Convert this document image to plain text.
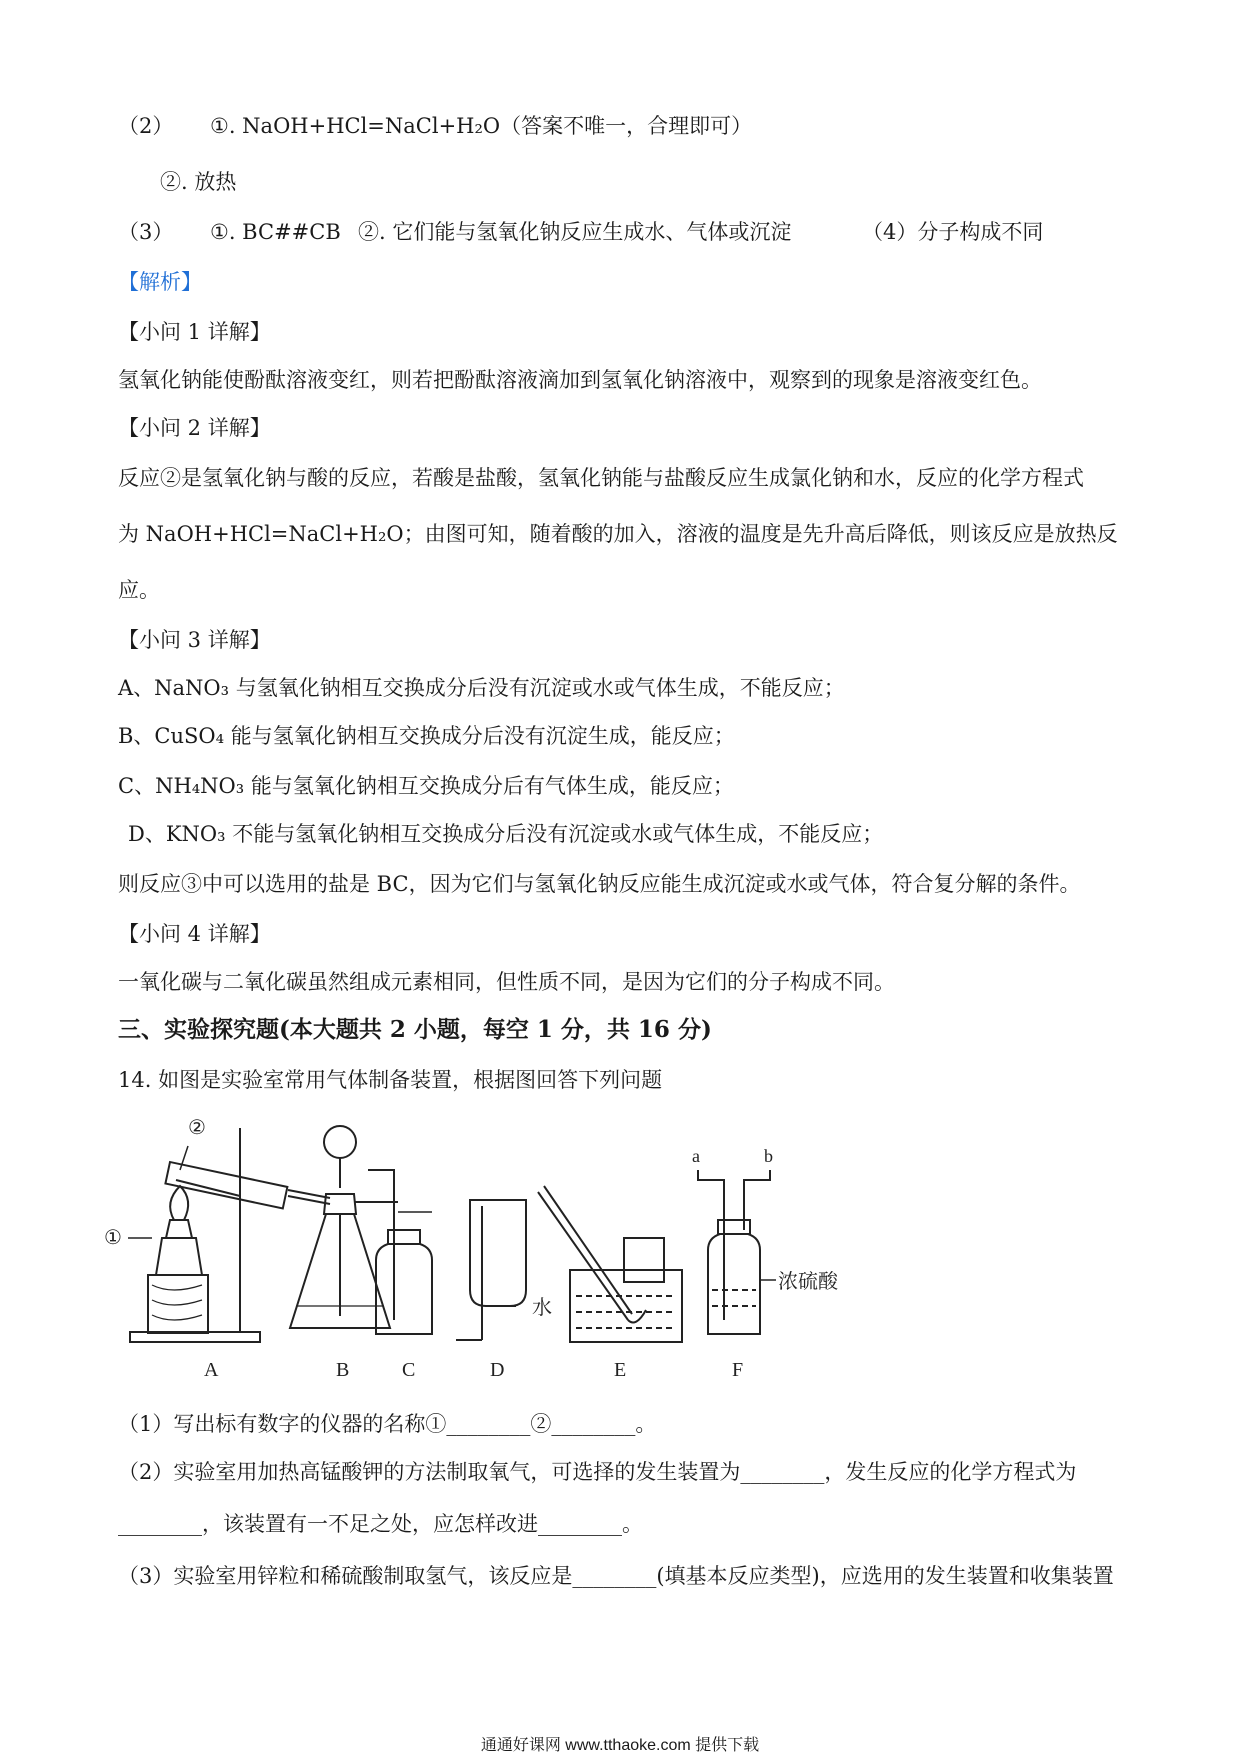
（2） ①. NaOH+HCl=NaCl+H₂O（答案不唯一，合理即可）
②. 放热
（3） ①. BC##CB ②. 它们能与氢氧化钠反应生成水、气体或沉淀	（4）分子构成不同
【解析】
【小问 1 详解】
氢氧化钠能使酚酞溶液变红，则若把酚酞溶液滴加到氢氧化钠溶液中，观察到的现象是溶液变红色。
【小问 2 详解】
反应②是氢氧化钠与酸的反应，若酸是盐酸，氢氧化钠能与盐酸反应生成氯化钠和水，反应的化学方程式
为 NaOH+HCl=NaCl+H₂O；由图可知，随着酸的加入，溶液的温度是先升高后降低，则该反应是放热反
应。
【小问 3 详解】
A、NaNO₃ 与氢氧化钠相互交换成分后没有沉淀或水或气体生成，不能反应；
B、CuSO₄ 能与氢氧化钠相互交换成分后没有沉淀生成，能反应；
C、NH₄NO₃ 能与氢氧化钠相互交换成分后有气体生成，能反应；
D、KNO₃ 不能与氢氧化钠相互交换成分后没有沉淀或水或气体生成，不能反应；
则反应③中可以选用的盐是 BC，因为它们与氢氧化钠反应能生成沉淀或水或气体，符合复分解的条件。
【小问 4 详解】
一氧化碳与二氧化碳虽然组成元素相同，但性质不同，是因为它们的分子构成不同。
三、实验探究题(本大题共 2 小题，每空 1 分，共 16 分)
14. 如图是实验室常用气体制备装置，根据图回答下列问题
②
①
水
a	b
浓硫酸
A	B	C	D	E	F
（1）写出标有数字的仪器的名称①________②________。
（2）实验室用加热高锰酸钾的方法制取氧气，可选择的发生装置为________，发生反应的化学方程式为
________，该装置有一不足之处，应怎样改进________。
（3）实验室用锌粒和稀硫酸制取氢气，该反应是________(填基本反应类型)，应选用的发生装置和收集装置
通通好课网 www.tthaoke.com 提供下载
